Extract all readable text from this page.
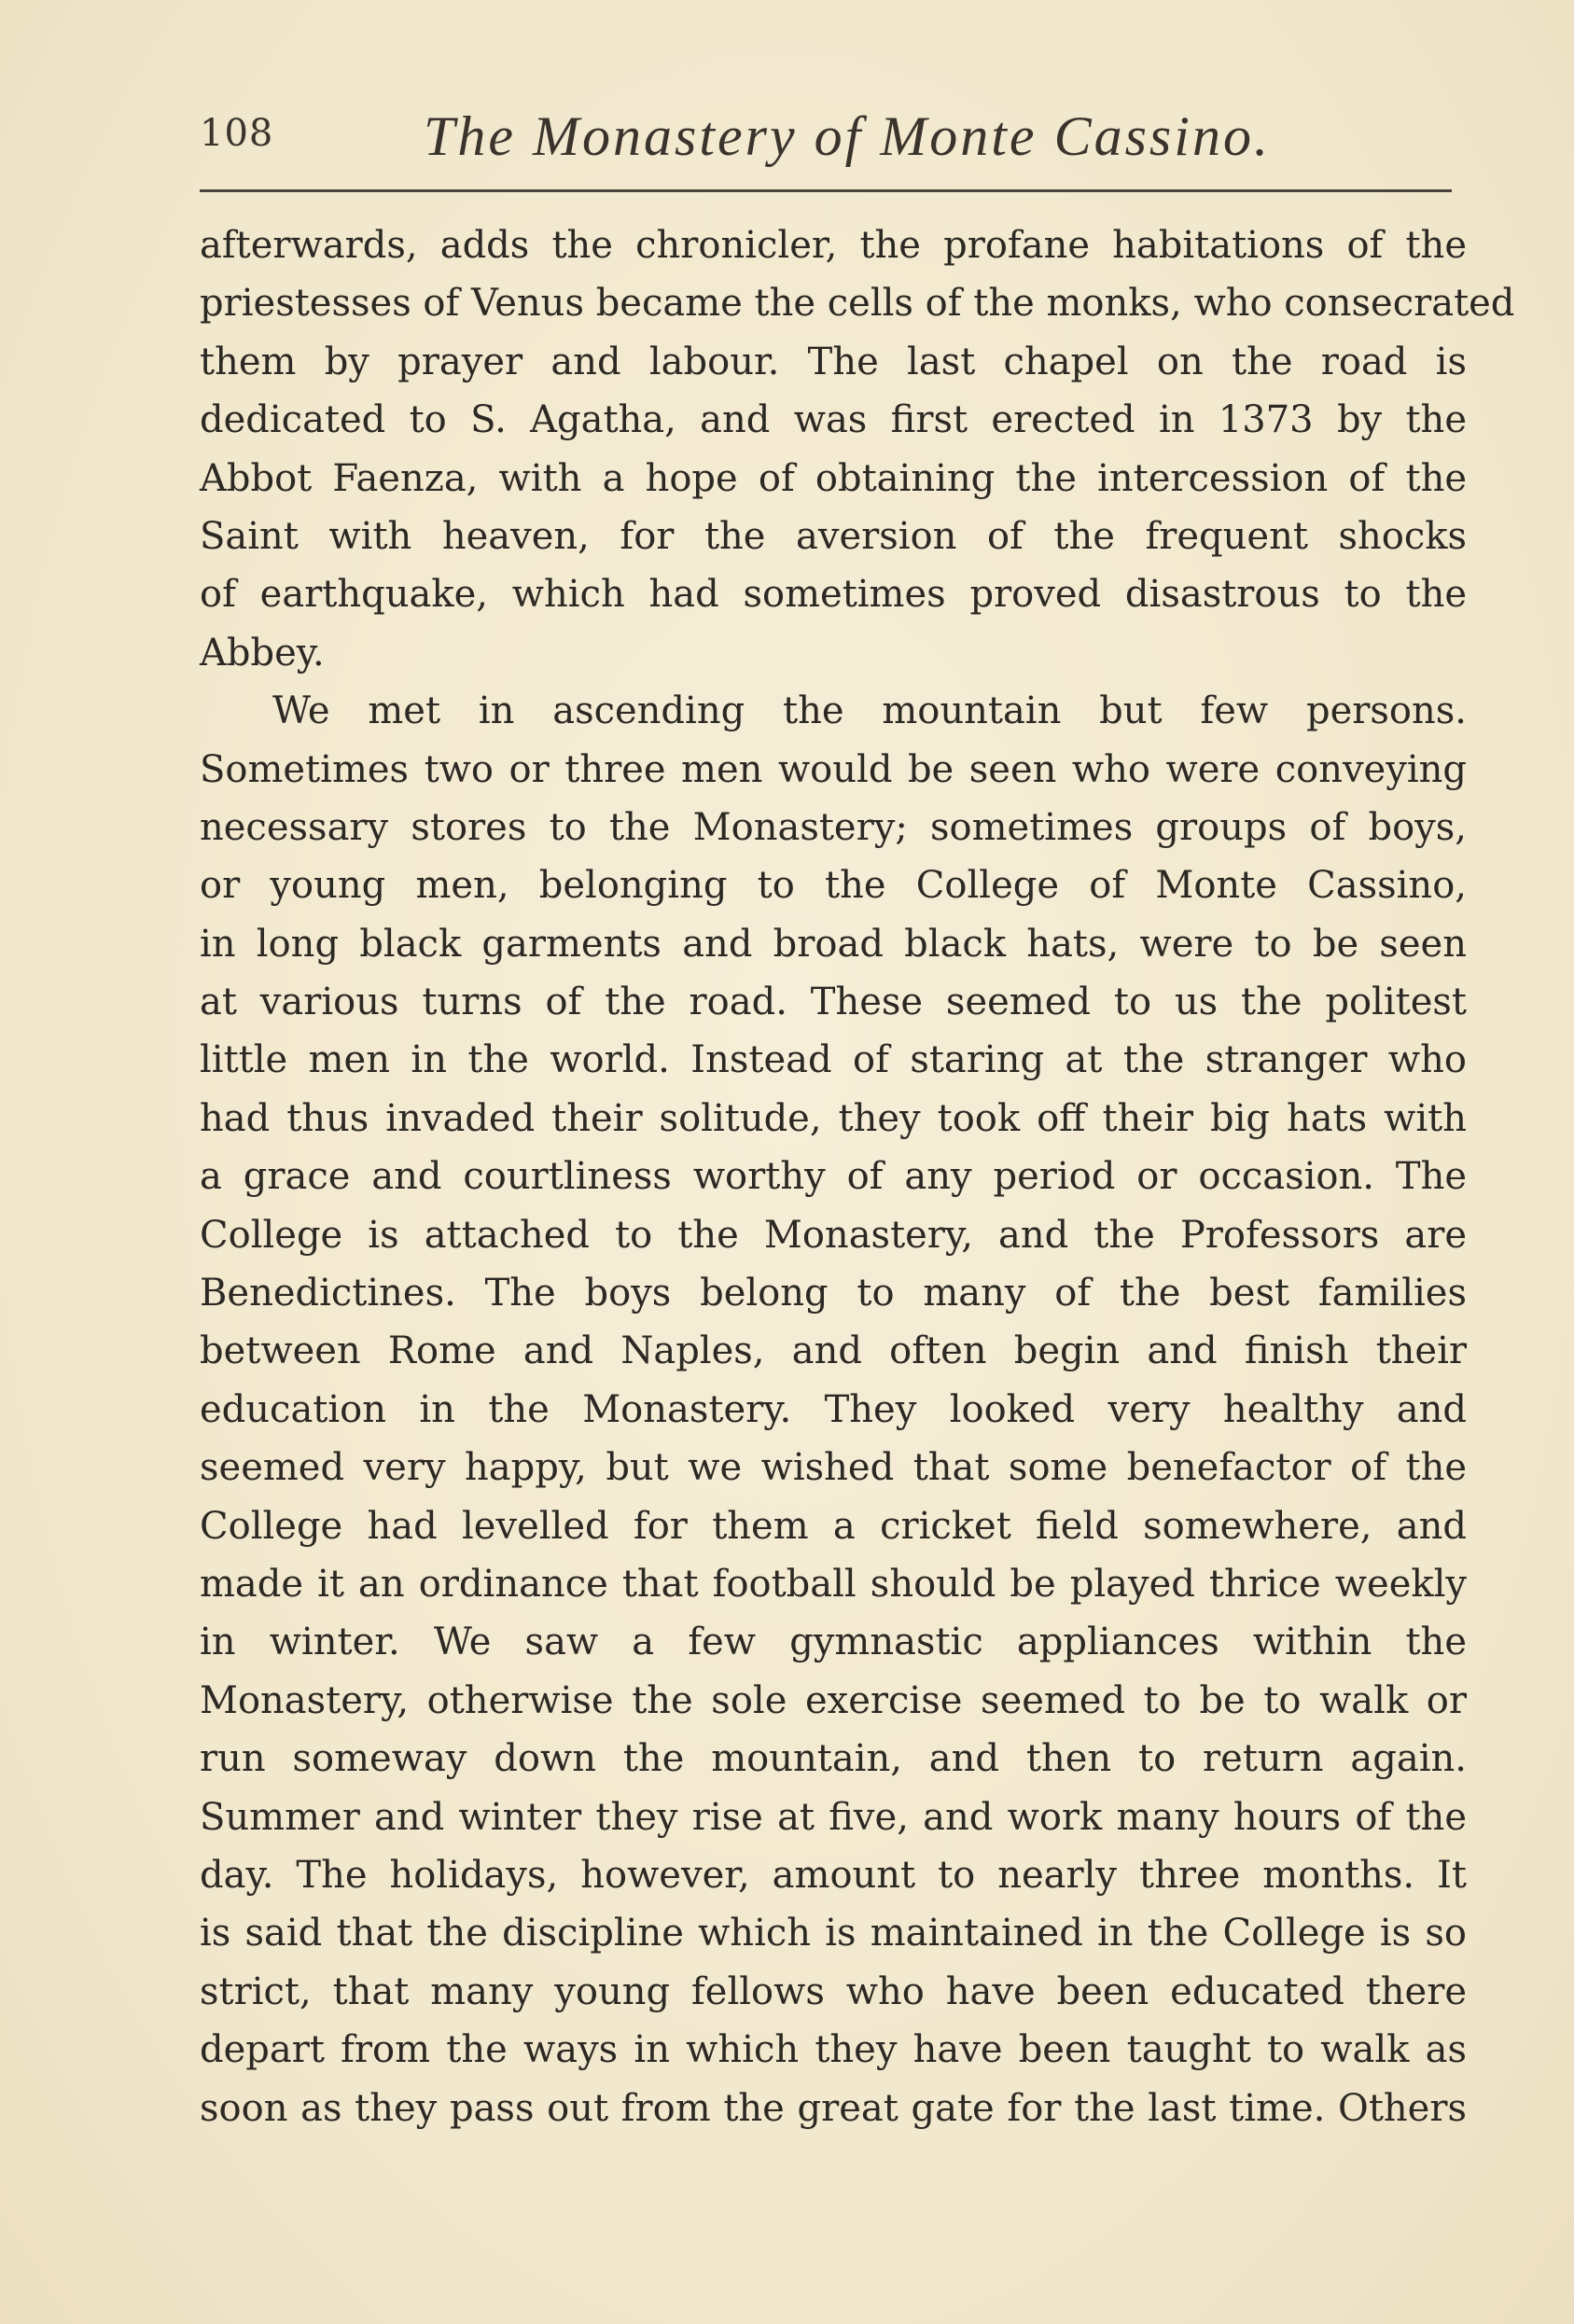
108	The Monastery of Monte Cassino.
afterwards, adds the chronicler, the profane habitations of the
priestesses of Venus became the cells of the monks, who consecrated
them by prayer and labour. The last chapel on the road is
dedicated to S. Agatha, and was first erected in 1373 by the
Abbot Faenza, with a hope of obtaining the intercession of the
Saint with heaven, for the aversion of the frequent shocks
of earthquake, which had sometimes proved disastrous to the
Abbey.
We met in ascending the mountain but few persons.
Sometimes two or three men would be seen who were conveying
necessary stores to the Monastery; sometimes groups of boys,
or young men, belonging to the College of Monte Cassino,
in long black garments and broad black hats, were to be seen
at various turns of the road. These seemed to us the politest
little men in the world. Instead of staring at the stranger who
had thus invaded their solitude, they took off their big hats with
a grace and courtliness worthy of any period or occasion. The
College is attached to the Monastery, and the Professors are
Benedictines. The boys belong to many of the best families
between Rome and Naples, and often begin and finish their
education in the Monastery. They looked very healthy and
seemed very happy, but we wished that some benefactor of the
College had levelled for them a cricket field somewhere, and
made it an ordinance that football should be played thrice weekly
in winter. We saw a few gymnastic appliances within the
Monastery, otherwise the sole exercise seemed to be to walk or
run someway down the mountain, and then to return again.
Summer and winter they rise at five, and work many hours of the
day. The holidays, however, amount to nearly three months. It
is said that the discipline which is maintained in the College is so
strict, that many young fellows who have been educated there
depart from the ways in which they have been taught to walk as
soon as they pass out from the great gate for the last time. Others
